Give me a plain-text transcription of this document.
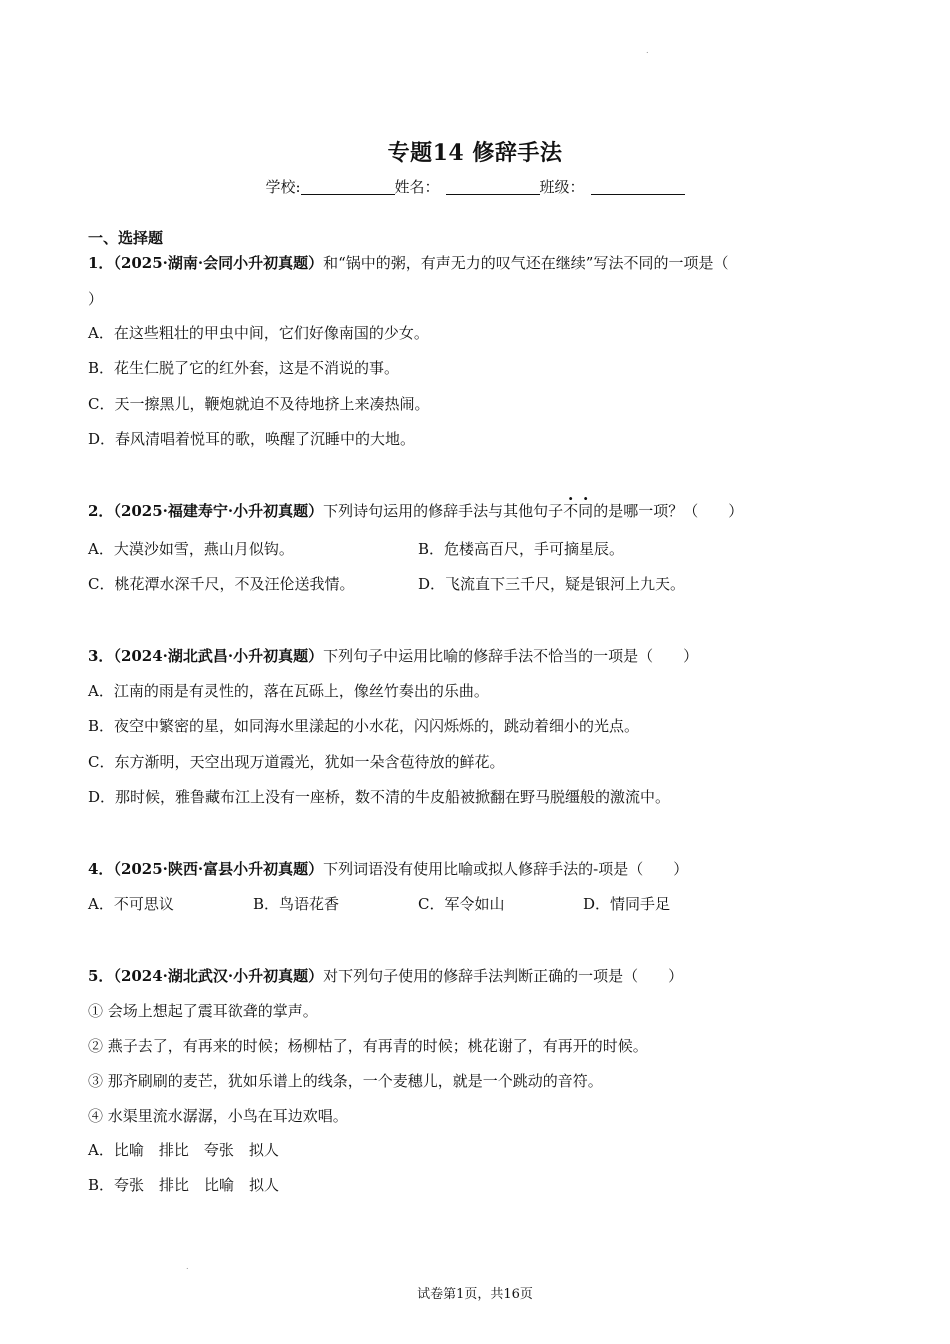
.
专题14 修辞手法
学校:	姓名：	班级：
一、选择题
1．（2025·湖南·会同小升初真题）和“锅中的粥，有声无力的叹气还在继续”写法不同的一项是（
）
A．在这些粗壮的甲虫中间，它们好像南国的少女。
B．花生仁脱了它的红外套，这是不消说的事。
C．天一擦黑儿，鞭炮就迫不及待地挤上来凑热闹。
D．春风清唱着悦耳的歌，唤醒了沉睡中的大地。
2．（2025·福建寿宁·小升初真题）下列诗句运用的修辞手法与其他句子不同的是哪一项？（　　）
A．大漠沙如雪，燕山月似钩。	B．危楼高百尺，手可摘星辰。
C．桃花潭水深千尺，不及汪伦送我情。	D．飞流直下三千尺，疑是银河上九天。
3．（2024·湖北武昌·小升初真题）下列句子中运用比喻的修辞手法不恰当的一项是（　　）
A．江南的雨是有灵性的，落在瓦砾上，像丝竹奏出的乐曲。
B．夜空中繁密的星，如同海水里漾起的小水花，闪闪烁烁的，跳动着细小的光点。
C．东方渐明，天空出现万道霞光，犹如一朵含苞待放的鲜花。
D．那时候，雅鲁藏布江上没有一座桥，数不清的牛皮船被掀翻在野马脱缰般的激流中。
4．（2025·陕西·富县小升初真题）下列词语没有使用比喻或拟人修辞手法的-项是（　　）
A．不可思议	B．鸟语花香	C．军令如山	D．情同手足
5．（2024·湖北武汉·小升初真题）对下列句子使用的修辞手法判断正确的一项是（　　）
① 会场上想起了震耳欲聋的掌声。
② 燕子去了，有再来的时候；杨柳枯了，有再青的时候；桃花谢了，有再开的时候。
③ 那齐刷刷的麦芒，犹如乐谱上的线条，一个麦穗儿，就是一个跳动的音符。
④ 水渠里流水潺潺，小鸟在耳边欢唱。
A．比喻　排比　夸张　拟人
B．夸张　排比　比喻　拟人
.
试卷第1页，共16页
